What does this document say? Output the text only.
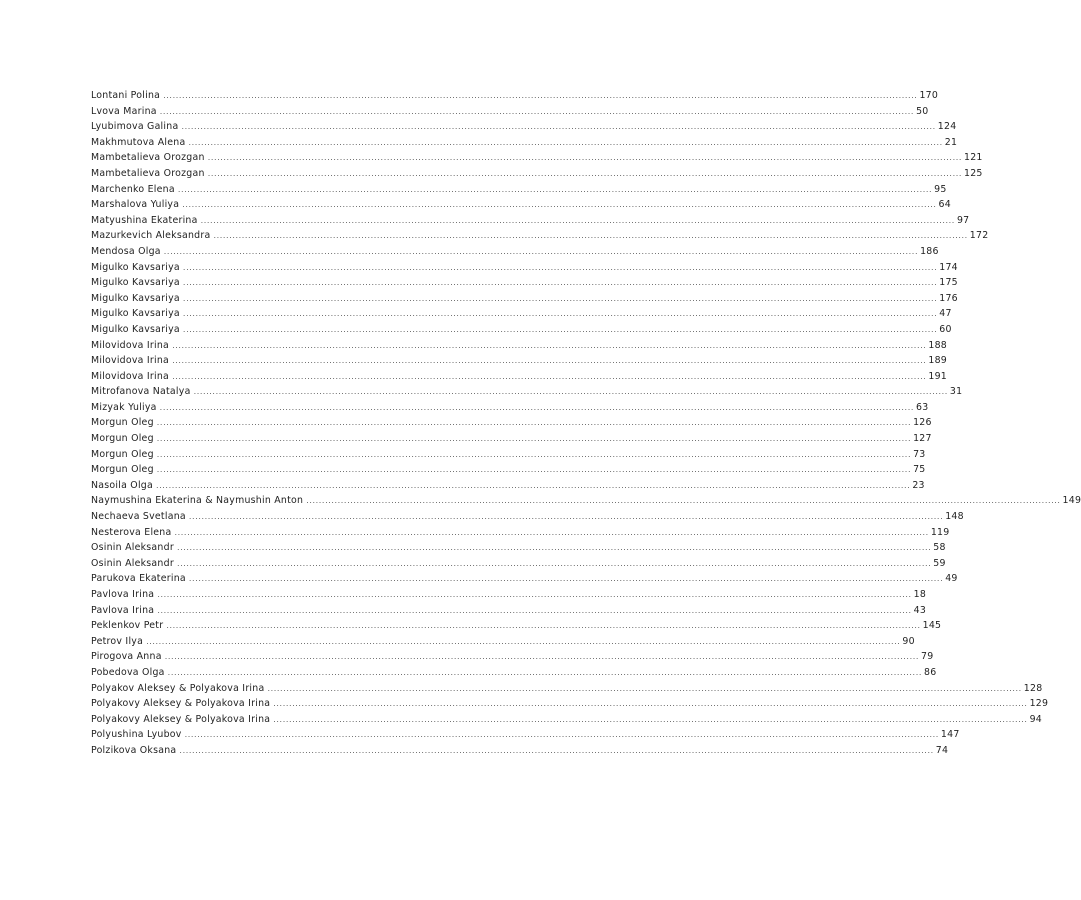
Lontani Polina ................................................................................................................................................................................................................................................ 170
Lvova Marina ................................................................................................................................................................................................................................................ 50
Lyubimova Galina ................................................................................................................................................................................................................................................ 124
Makhmutova Alena ................................................................................................................................................................................................................................................ 21
Mambetalieva Orozgan ................................................................................................................................................................................................................................................ 121
Mambetalieva Orozgan ................................................................................................................................................................................................................................................ 125
Marchenko Elena ................................................................................................................................................................................................................................................ 95
Marshalova Yuliya ................................................................................................................................................................................................................................................ 64
Matyushina Ekaterina ................................................................................................................................................................................................................................................ 97
Mazurkevich Aleksandra ................................................................................................................................................................................................................................................ 172
Mendosa Olga ................................................................................................................................................................................................................................................ 186
Migulko Kavsariya ................................................................................................................................................................................................................................................ 174
Migulko Kavsariya ................................................................................................................................................................................................................................................ 175
Migulko Kavsariya ................................................................................................................................................................................................................................................ 176
Migulko Kavsariya ................................................................................................................................................................................................................................................ 47
Migulko Kavsariya ................................................................................................................................................................................................................................................ 60
Milovidova Irina ................................................................................................................................................................................................................................................ 188
Milovidova Irina ................................................................................................................................................................................................................................................ 189
Milovidova Irina ................................................................................................................................................................................................................................................ 191
Mitrofanova Natalya ................................................................................................................................................................................................................................................ 31
Mizyak Yuliya ................................................................................................................................................................................................................................................ 63
Morgun Oleg ................................................................................................................................................................................................................................................ 126
Morgun Oleg ................................................................................................................................................................................................................................................ 127
Morgun Oleg ................................................................................................................................................................................................................................................ 73
Morgun Oleg ................................................................................................................................................................................................................................................ 75
Nasoila Olga ................................................................................................................................................................................................................................................ 23
Naymushina Ekaterina & Naymushin Anton ................................................................................................................................................................................................................................................ 149
Nechaeva Svetlana ................................................................................................................................................................................................................................................ 148
Nesterova Elena ................................................................................................................................................................................................................................................ 119
Osinin Aleksandr ................................................................................................................................................................................................................................................ 58
Osinin Aleksandr ................................................................................................................................................................................................................................................ 59
Parukova Ekaterina ................................................................................................................................................................................................................................................ 49
Pavlova Irina ................................................................................................................................................................................................................................................ 18
Pavlova Irina ................................................................................................................................................................................................................................................ 43
Peklenkov Petr ................................................................................................................................................................................................................................................ 145
Petrov Ilya ................................................................................................................................................................................................................................................ 90
Pirogova Anna ................................................................................................................................................................................................................................................ 79
Pobedova Olga ................................................................................................................................................................................................................................................ 86
Polyakov Aleksey & Polyakova Irina ................................................................................................................................................................................................................................................ 128
Polyakovy Aleksey & Polyakova Irina ................................................................................................................................................................................................................................................ 129
Polyakovy Aleksey & Polyakova Irina ................................................................................................................................................................................................................................................ 94
Polyushina Lyubov ................................................................................................................................................................................................................................................ 147
Polzikova Oksana ................................................................................................................................................................................................................................................ 74
